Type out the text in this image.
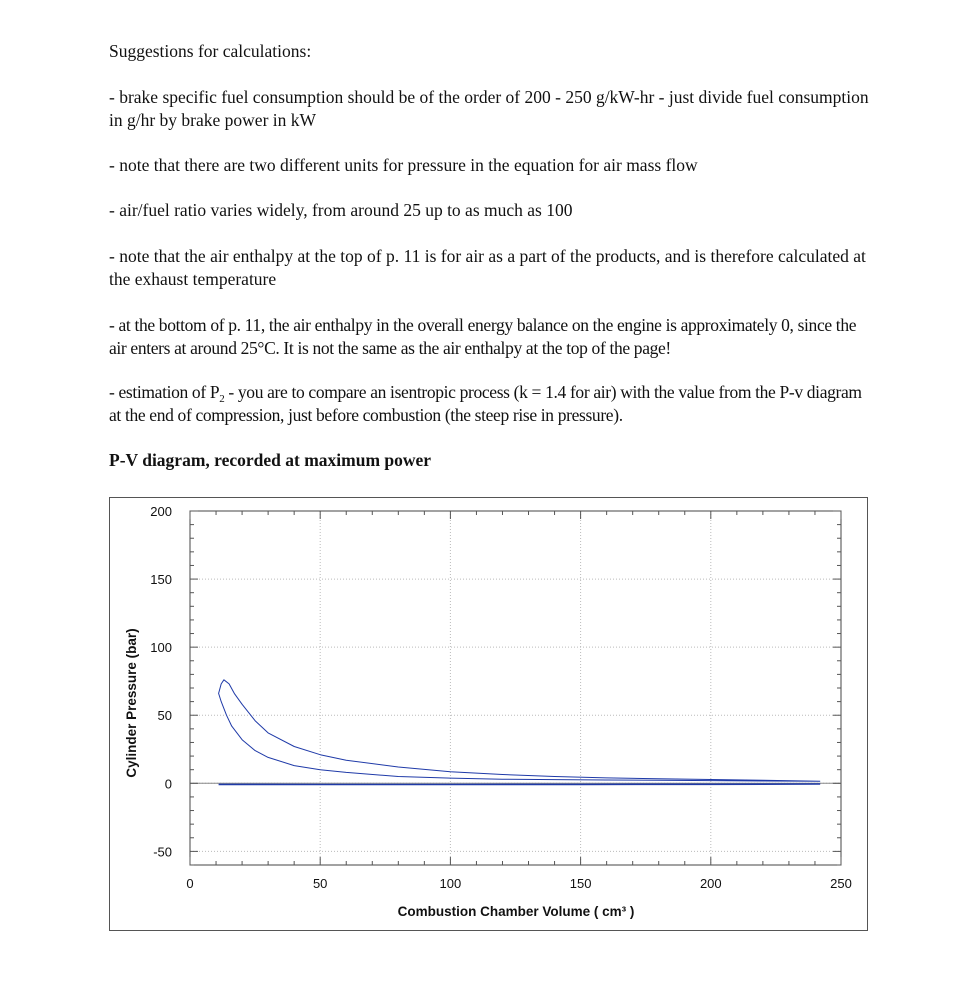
Suggestions for calculations:
- brake specific fuel consumption should be of the order of 200 - 250 g/kW-hr - just divide fuel consumption in g/hr by brake power in kW
- note that there are two different units for pressure in the equation for air mass flow
- air/fuel ratio varies widely, from around 25 up to as much as 100
- note that the air enthalpy at the top of p. 11 is for air as a part of the products, and is therefore calculated at the exhaust temperature
- at the bottom of p. 11, the air enthalpy in the overall energy balance on the engine is approximately 0, since the air enters at around 25°C. It is not the same as the air enthalpy at the top of the page!
- estimation of $P_2$ - you are to compare an isentropic process (k = 1.4 for air) with the value from the P-v diagram at the end of compression, just before combustion (the steep rise in pressure).
P-V diagram, recorded at maximum power
200
150
100
50
0
-50
0	50	100	150	200	250
Cylinder Pressure (bar)
Combustion Chamber Volume ( cm³ )
